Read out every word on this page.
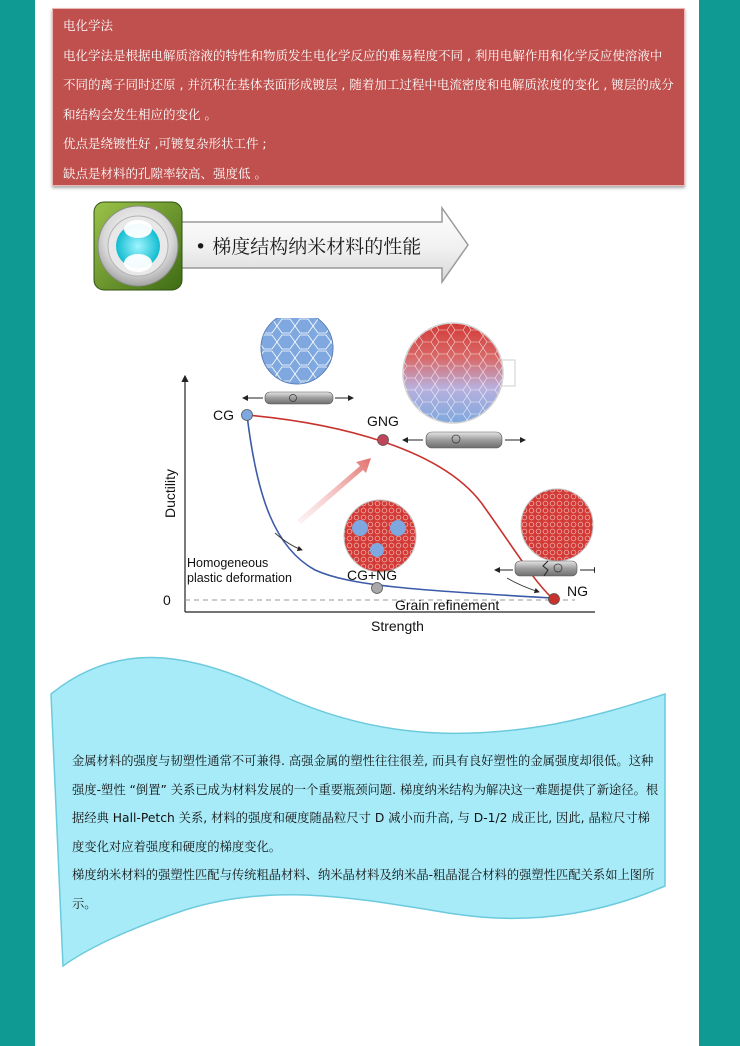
电化学法

电化学法是根据电解质溶液的特性和物质发生电化学反应的难易程度不同 , 利用电解作用和化学反应使溶液中不同的离子同时还原 , 并沉积在基体表面形成镀层 , 随着加工过程中电流密度和电解质浓度的变化 , 镀层的成分和结构会发生相应的变化 。

优点是绕镀性好 ,可镀复杂形状工件 ;

缺点是材料的孔隙率较高、强度低 。

• 梯度结构纳米材料的性能
CG	GNG
CG+NG
NG
Homogeneous
plastic deformation
Grain refinement
0
Strength
Ductility

金属材料的强度与韧塑性通常不可兼得. 高强金属的塑性往往很差, 而具有良好塑性的金属强度却很低。这种强度-塑性 “倒置” 关系已成为材料发展的一个重要瓶颈问题. 梯度纳米结构为解决这一难题提供了新途径。根据经典 Hall-Petch 关系, 材料的强度和硬度随晶粒尺寸 D 减小而升高, 与 D-1/2 成正比, 因此, 晶粒尺寸梯度变化对应着强度和硬度的梯度变化。

梯度纳米材料的强塑性匹配与传统粗晶材料、纳米晶材料及纳米晶-粗晶混合材料的强塑性匹配关系如上图所示。
